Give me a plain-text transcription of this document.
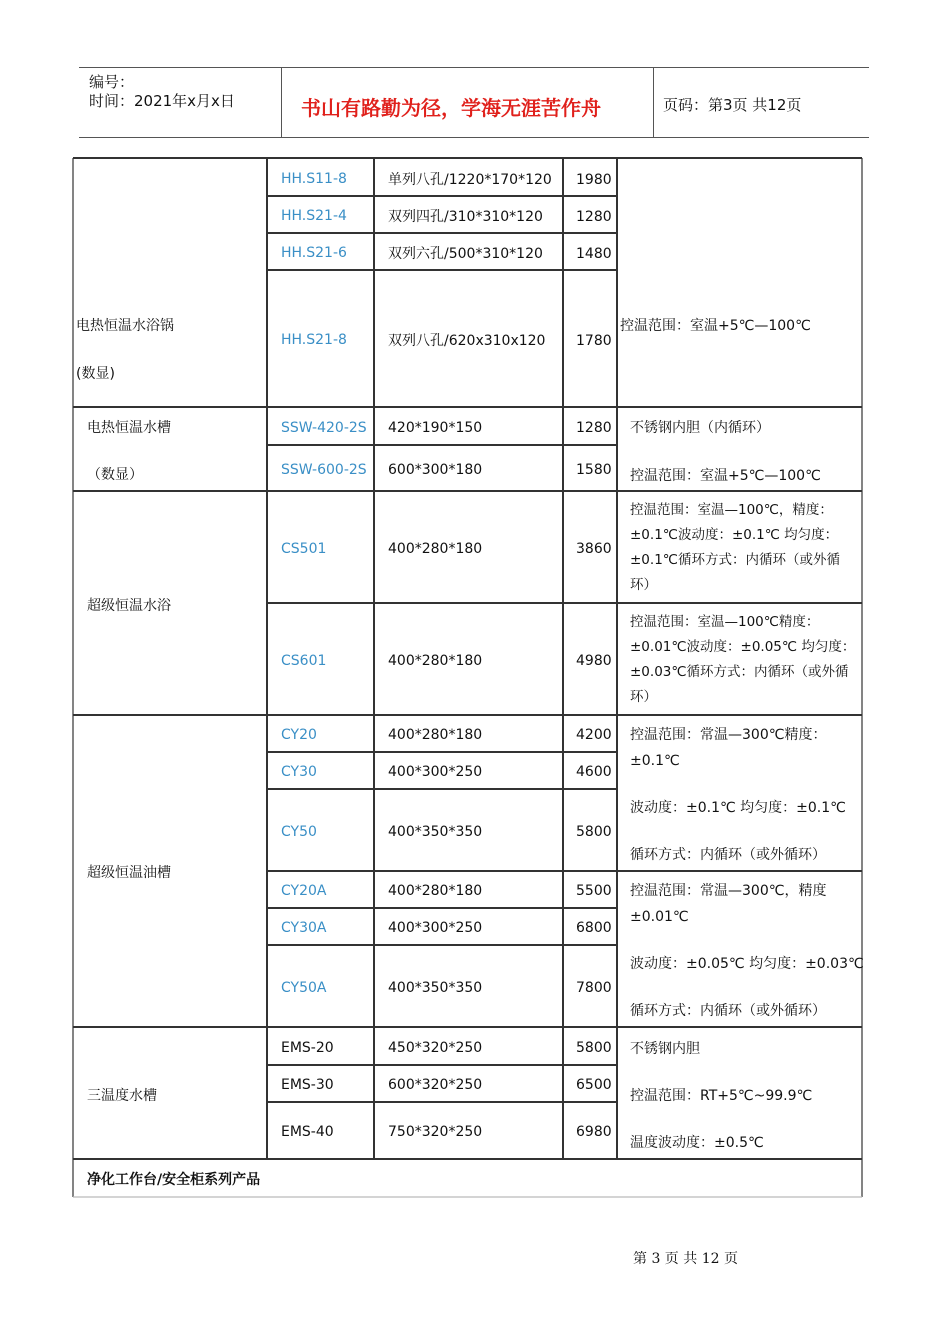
编号：
时间：2021年x月x日	书山有路勤为径，学海无涯苦作舟	页码：第3页 共12页
电热恒温水浴锅
(数显)
HH.S11-8	单列八孔/1220*170*120 1980
HH.S21-4	双列四孔/310*310*120 1280
HH.S21-6	双列六孔/500*310*120 1480
HH.S21-8	双列八孔/620x310x120 1780
控温范围：室温+5℃—100℃
电热恒温水槽
（数显）
SSW-420-2S 420*190*150	1280
SSW-600-2S 600*300*180	1580
不锈钢内胆（内循环）
控温范围：室温+5℃—100℃
超级恒温水浴
CS501	400*280*180	3860
控温范围：室温—100℃，精度：
±0.1℃波动度：±0.1℃ 均匀度：
±0.1℃循环方式：内循环（或外循
环）
CS601	400*280*180	4980
控温范围：室温—100℃精度：
±0.01℃波动度：±0.05℃ 均匀度：
±0.03℃循环方式：内循环（或外循
环）
超级恒温油槽
CY20	400*280*180	4200
CY30	400*300*250	4600
CY50	400*350*350	5800
CY20A	400*280*180	5500
CY30A	400*300*250	6800
CY50A	400*350*350	7800
控温范围：常温—300℃精度：
±0.1℃
波动度：±0.1℃ 均匀度：±0.1℃
循环方式：内循环（或外循环）
控温范围：常温—300℃，精度
±0.01℃
波动度：±0.05℃ 均匀度：±0.03℃
循环方式：内循环（或外循环）
三温度水槽
EMS-20	450*320*250	5800
EMS-30	600*320*250	6500
EMS-40	750*320*250	6980
不锈钢内胆
控温范围：RT+5℃~99.9℃
温度波动度：±0.5℃
净化工作台/安全柜系列产品
第 3 页 共 12 页
